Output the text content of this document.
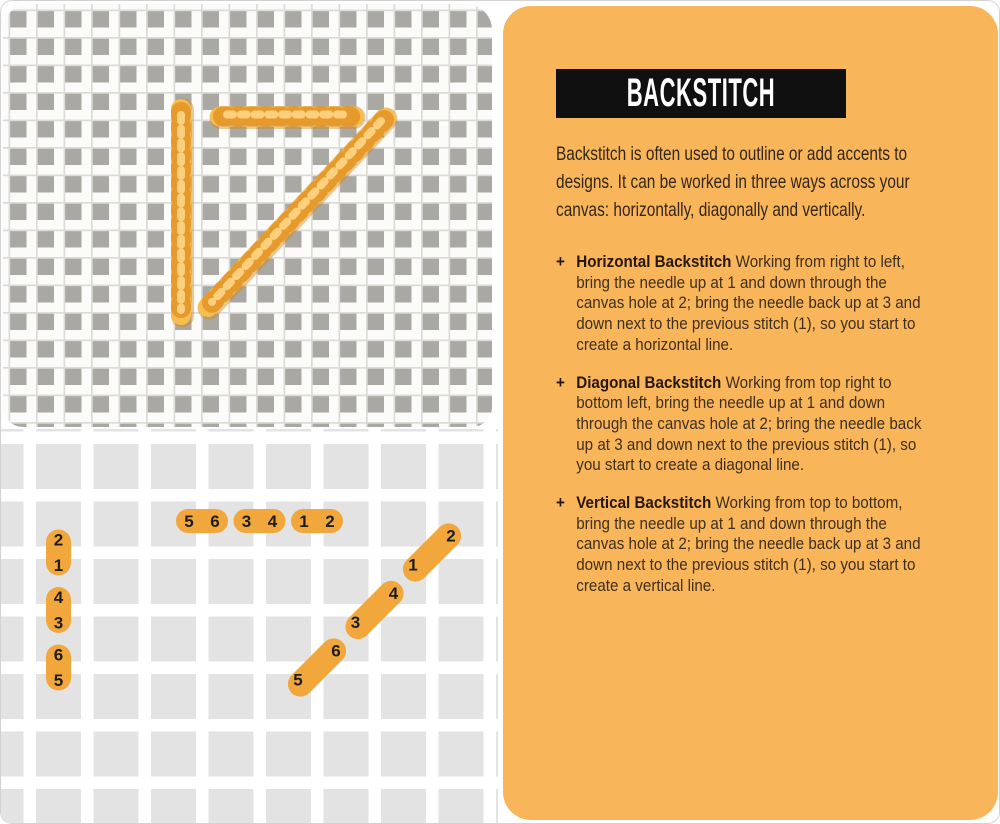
2
1
4
3
6
5
5 6 3 4 1 2
1
2
3
4
5
6
BACKSTITCH

Backstitch is often used to outline or add accents to designs. It can be worked in three ways across your canvas: horizontally, diagonally and vertically.

+ Horizontal Backstitch Working from right to left, bring the needle up at 1 and down through the canvas hole at 2; bring the needle back up at 3 and down next to the previous stitch (1), so you start to create a horizontal line.

+ Diagonal Backstitch Working from top right to bottom left, bring the needle up at 1 and down through the canvas hole at 2; bring the needle back up at 3 and down next to the previous stitch (1), so you start to create a diagonal line.

+ Vertical Backstitch Working from top to bottom, bring the needle up at 1 and down through the canvas hole at 2; bring the needle back up at 3 and down next to the previous stitch (1), so you start to create a vertical line.
